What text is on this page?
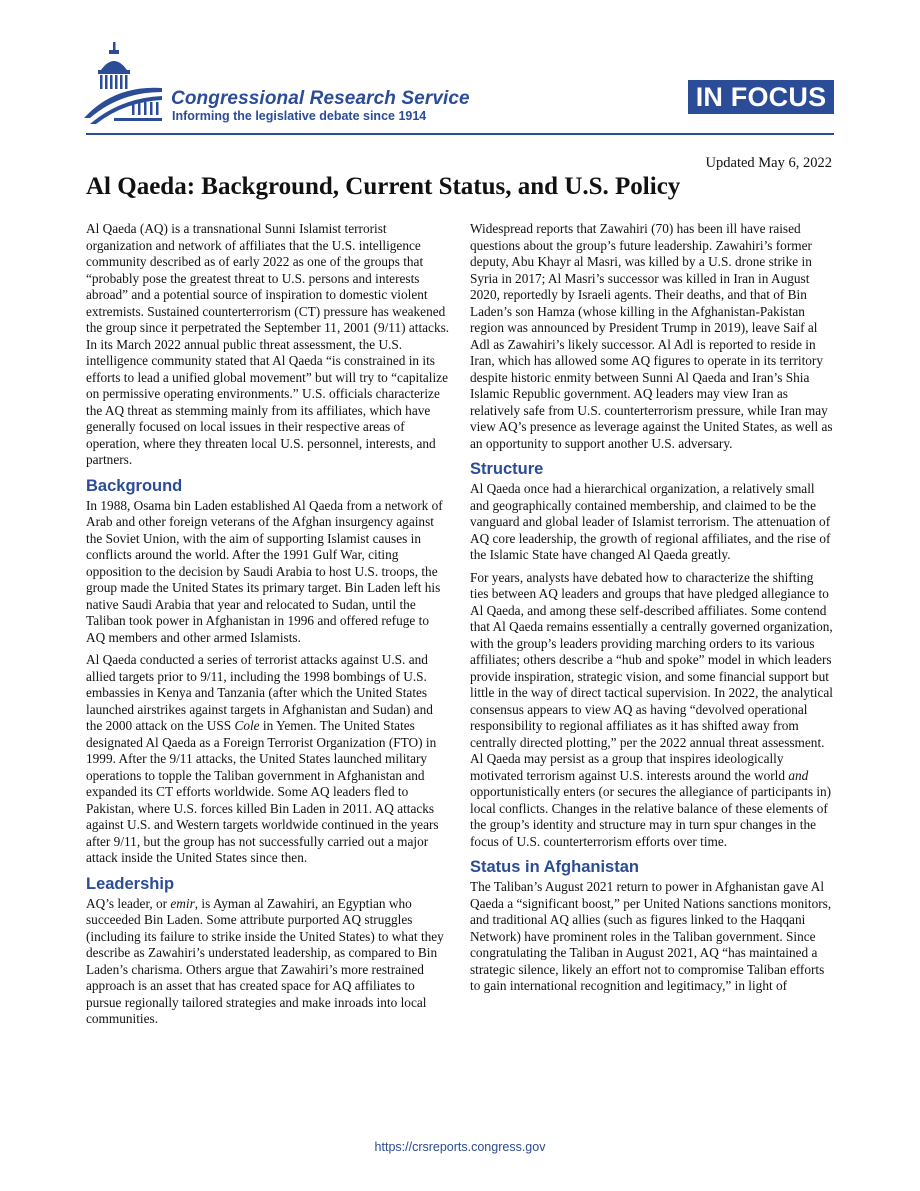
Congressional Research Service
Informing the legislative debate since 1914
IN FOCUS
Updated May 6, 2022
Al Qaeda: Background, Current Status, and U.S. Policy

Al Qaeda (AQ) is a transnational Sunni Islamist terrorist organization and network of affiliates that the U.S. intelligence community described as of early 2022 as one of the groups that “probably pose the greatest threat to U.S. persons and interests abroad” and a potential source of inspiration to domestic violent extremists. Sustained counterterrorism (CT) pressure has weakened the group since it perpetrated the September 11, 2001 (9/11) attacks. In its March 2022 annual public threat assessment, the U.S. intelligence community stated that Al Qaeda “is constrained in its efforts to lead a unified global movement” but will try to “capitalize on permissive operating environments.” U.S. officials characterize the AQ threat as stemming mainly from its affiliates, which have generally focused on local issues in their respective areas of operation, where they threaten local U.S. personnel, interests, and partners.

Background

In 1988, Osama bin Laden established Al Qaeda from a network of Arab and other foreign veterans of the Afghan insurgency against the Soviet Union, with the aim of supporting Islamist causes in conflicts around the world. After the 1991 Gulf War, citing opposition to the decision by Saudi Arabia to host U.S. troops, the group made the United States its primary target. Bin Laden left his native Saudi Arabia that year and relocated to Sudan, until the Taliban took power in Afghanistan in 1996 and offered refuge to AQ members and other armed Islamists.

Al Qaeda conducted a series of terrorist attacks against U.S. and allied targets prior to 9/11, including the 1998 bombings of U.S. embassies in Kenya and Tanzania (after which the United States launched airstrikes against targets in Afghanistan and Sudan) and the 2000 attack on the USS Cole in Yemen. The United States designated Al Qaeda as a Foreign Terrorist Organization (FTO) in 1999. After the 9/11 attacks, the United States launched military operations to topple the Taliban government in Afghanistan and expanded its CT efforts worldwide. Some AQ leaders fled to Pakistan, where U.S. forces killed Bin Laden in 2011. AQ attacks against U.S. and Western targets worldwide continued in the years after 9/11, but the group has not successfully carried out a major attack inside the United States since then.

Leadership

AQ’s leader, or emir, is Ayman al Zawahiri, an Egyptian who succeeded Bin Laden. Some attribute purported AQ struggles (including its failure to strike inside the United States) to what they describe as Zawahiri’s understated leadership, as compared to Bin Laden’s charisma. Others argue that Zawahiri’s more restrained approach is an asset that has created space for AQ affiliates to pursue regionally tailored strategies and make inroads into local communities.

Widespread reports that Zawahiri (70) has been ill have raised questions about the group’s future leadership. Zawahiri’s former deputy, Abu Khayr al Masri, was killed by a U.S. drone strike in Syria in 2017; Al Masri’s successor was killed in Iran in August 2020, reportedly by Israeli agents. Their deaths, and that of Bin Laden’s son Hamza (whose killing in the Afghanistan-Pakistan region was announced by President Trump in 2019), leave Saif al Adl as Zawahiri’s likely successor. Al Adl is reported to reside in Iran, which has allowed some AQ figures to operate in its territory despite historic enmity between Sunni Al Qaeda and Iran’s Shia Islamic Republic government. AQ leaders may view Iran as relatively safe from U.S. counterterrorism pressure, while Iran may view AQ’s presence as leverage against the United States, as well as an opportunity to support another U.S. adversary.

Structure

Al Qaeda once had a hierarchical organization, a relatively small and geographically contained membership, and claimed to be the vanguard and global leader of Islamist terrorism. The attenuation of AQ core leadership, the growth of regional affiliates, and the rise of the Islamic State have changed Al Qaeda greatly.

For years, analysts have debated how to characterize the shifting ties between AQ leaders and groups that have pledged allegiance to Al Qaeda, and among these self-described affiliates. Some contend that Al Qaeda remains essentially a centrally governed organization, with the group’s leaders providing marching orders to its various affiliates; others describe a “hub and spoke” model in which leaders provide inspiration, strategic vision, and some financial support but little in the way of direct tactical supervision. In 2022, the analytical consensus appears to view AQ as having “devolved operational responsibility to regional affiliates as it has shifted away from centrally directed plotting,” per the 2022 annual threat assessment. Al Qaeda may persist as a group that inspires ideologically motivated terrorism against U.S. interests around the world and opportunistically enters (or secures the allegiance of participants in) local conflicts. Changes in the relative balance of these elements of the group’s identity and structure may in turn spur changes in the focus of U.S. counterterrorism efforts over time.

Status in Afghanistan

The Taliban’s August 2021 return to power in Afghanistan gave Al Qaeda a “significant boost,” per United Nations sanctions monitors, and traditional AQ allies (such as figures linked to the Haqqani Network) have prominent roles in the Taliban government. Since congratulating the Taliban in August 2021, AQ “has maintained a strategic silence, likely an effort not to compromise Taliban efforts to gain international recognition and legitimacy,” in light of

https://crsreports.congress.gov
